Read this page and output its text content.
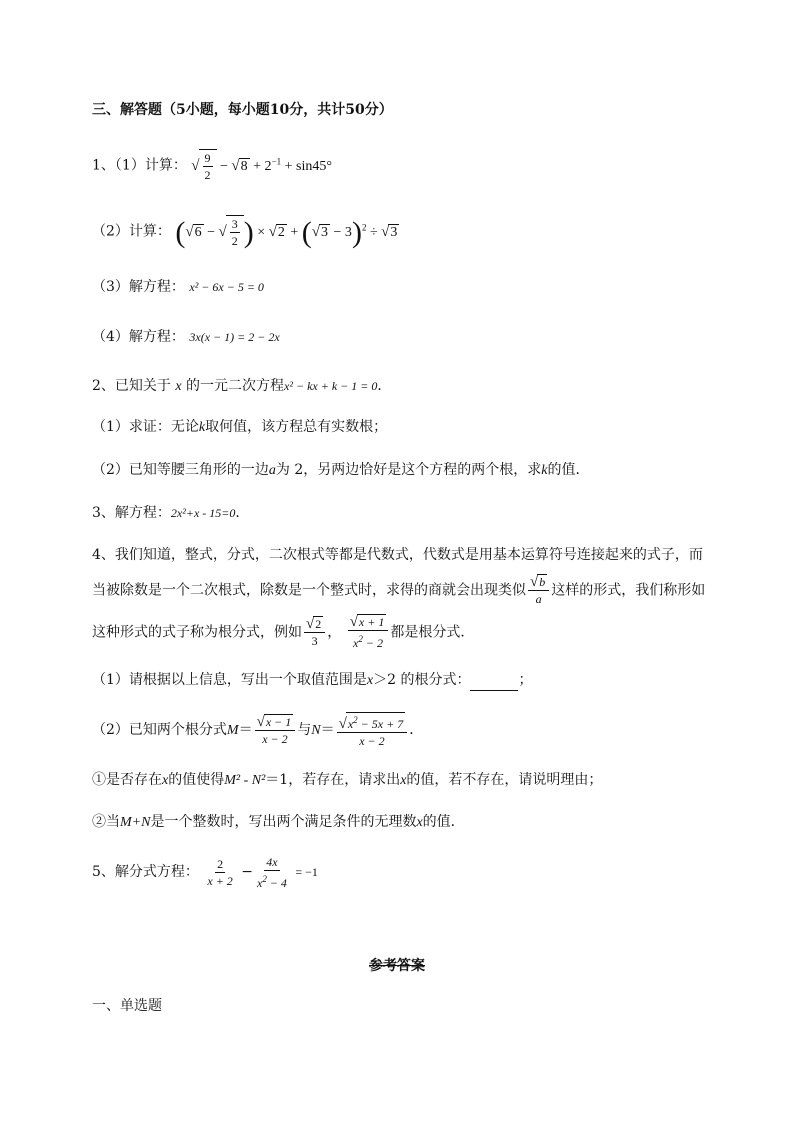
三、解答题（5小题，每小题10分，共计50分）
1、（1）计算： √ $\frac{9}{2} - √8 + 2^{-1} + \sin 45^\circ$
（2）计算： (√6 − √ $\frac{3}{2}$ ) × $√2 + (√3 - 3)^2 \div √3$
（3）解方程： x² − 6x − 5 = 0
（4）解方程： 3x(x − 1) = 2 − 2x
2、已知关于 x 的一元二次方程x² − kx + k − 1 = 0．
（1）求证：无论k取何值，该方程总有实数根；
（2）已知等腰三角形的一边a为 2，另两边恰好是这个方程的两个根，求k的值．
3、解方程：2x²+x - 15=0．
4、我们知道，整式，分式，二次根式等都是代数式，代数式是用基本运算符号连接起来的式子，而
当被除数是一个二次根式，除数是一个整式时，求得的商就会出现类似 $\frac{√b}{a}$ 这样的形式，我们称形如
这种形式的式子称为根分式，例如 $\frac{√2}{3}$ ， $\frac{√x + 1}{x^2 - 2}$ 都是根分式．
（1）请根据以上信息，写出一个取值范围是x＞2 的根分式：	；
（2）已知两个根分式$M= \frac{√x - 1}{x - 2}$ 与$N= \frac{√x^2 - 5x + 7}{x - 2}$ ．
①是否存在x的值使得M² - N²＝1，若存在，请求出x的值，若不存在，请说明理由；
②当M+N是一个整数时，写出两个满足条件的无理数x的值．
5、解分式方程： $\frac{2}{x + 2} - \frac{4x}{x^2 - 4} = -1$
参考答案
一、单选题
